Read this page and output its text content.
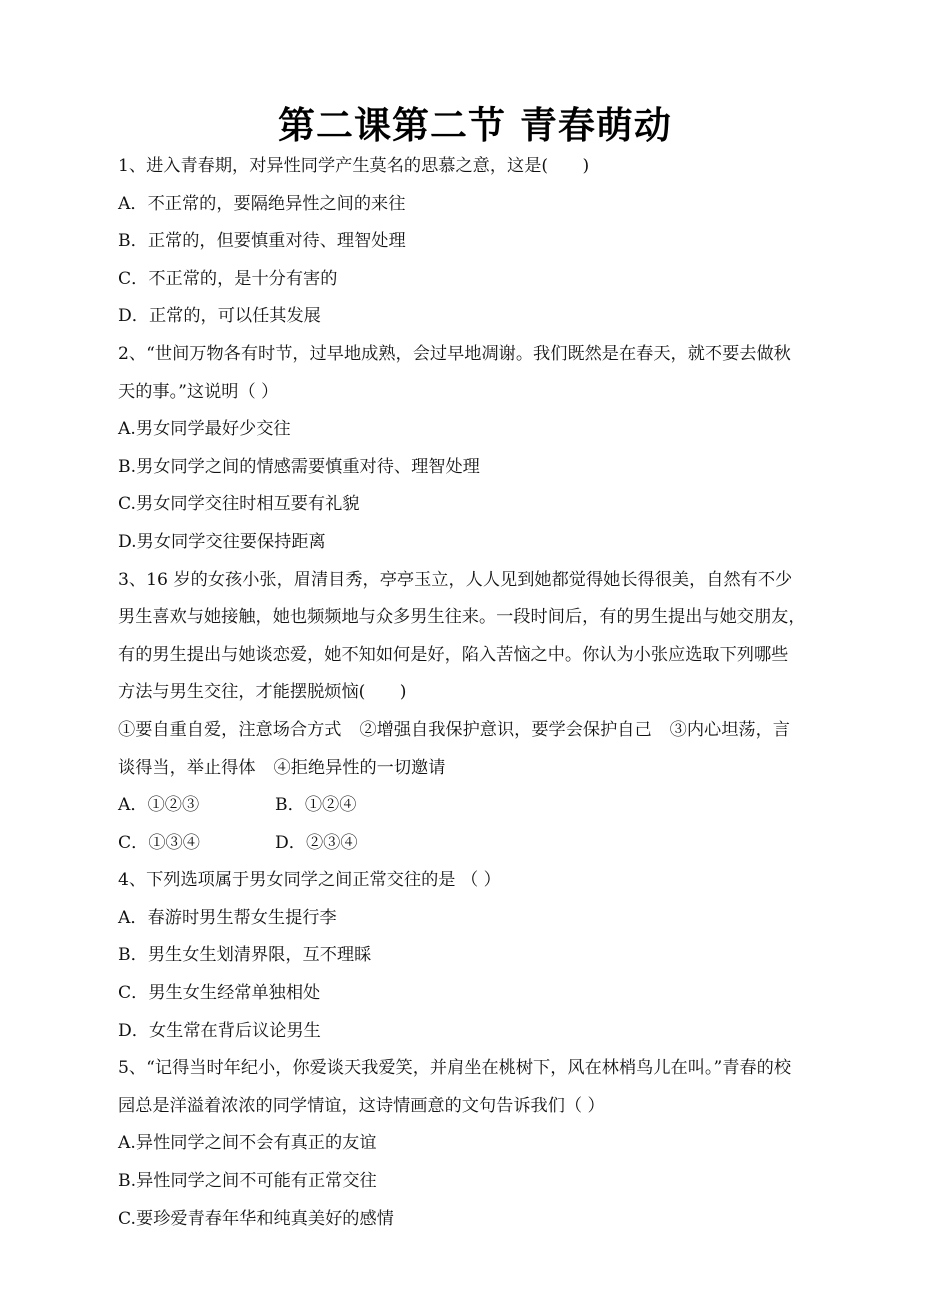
第二课第二节 青春萌动
1、进入青春期，对异性同学产生莫名的思慕之意，这是(　　)
A．不正常的，要隔绝异性之间的来往
B．正常的，但要慎重对待、理智处理
C．不正常的，是十分有害的
D．正常的，可以任其发展
2、“世间万物各有时节，过早地成熟，会过早地凋谢。我们既然是在春天，就不要去做秋
天的事。”这说明（ ）
A.男女同学最好少交往
B.男女同学之间的情感需要慎重对待、理智处理
C.男女同学交往时相互要有礼貌
D.男女同学交往要保持距离
3、16 岁的女孩小张，眉清目秀，亭亭玉立，人人见到她都觉得她长得很美，自然有不少
男生喜欢与她接触，她也频频地与众多男生往来。一段时间后，有的男生提出与她交朋友，
有的男生提出与她谈恋爱，她不知如何是好，陷入苦恼之中。你认为小张应选取下列哪些
方法与男生交往，才能摆脱烦恼(　　)
①要自重自爱，注意场合方式 ②增强自我保护意识，要学会保护自己 ③内心坦荡，言
谈得当，举止得体 ④拒绝异性的一切邀请
A．①②③	B．①②④
C．①③④	D．②③④
4、下列选项属于男女同学之间正常交往的是 （ ）
A．春游时男生帮女生提行李
B．男生女生划清界限，互不理睬
C．男生女生经常单独相处
D．女生常在背后议论男生
5、“记得当时年纪小，你爱谈天我爱笑，并肩坐在桃树下，风在林梢鸟儿在叫。”青春的校
园总是洋溢着浓浓的同学情谊，这诗情画意的文句告诉我们（ ）
A.异性同学之间不会有真正的友谊
B.异性同学之间不可能有正常交往
C.要珍爱青春年华和纯真美好的感情
